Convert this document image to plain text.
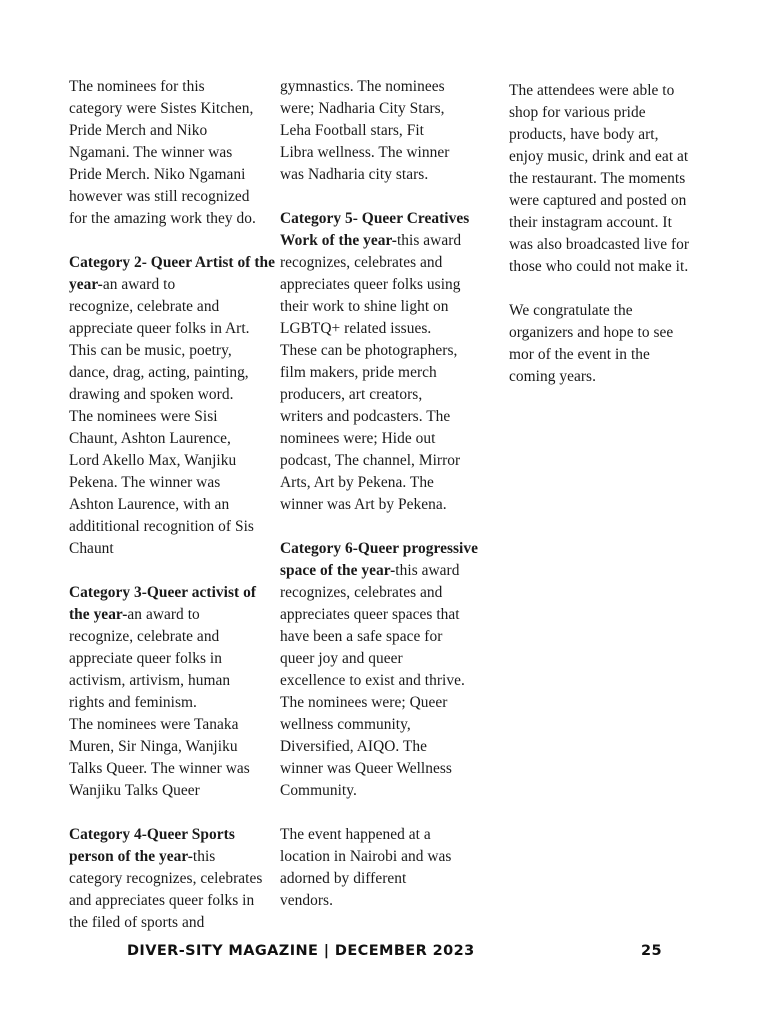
The nominees for this
category were Sistes Kitchen,
Pride Merch and Niko
Ngamani. The winner was
Pride Merch. Niko Ngamani
however was still recognized
for the amazing work they do.
Category 2- Queer Artist of the year-an award to
recognize, celebrate and
appreciate queer folks in Art.
This can be music, poetry,
dance, drag, acting, painting,
drawing and spoken word.
The nominees were Sisi
Chaunt, Ashton Laurence,
Lord Akello Max, Wanjiku
Pekena. The winner was
Ashton Laurence, with an
addititional recognition of Sis
Chaunt
Category 3-Queer activist of the year-an award to
recognize, celebrate and
appreciate queer folks in
activism, artivism, human
rights and feminism.
The nominees were Tanaka
Muren, Sir Ninga, Wanjiku
Talks Queer. The winner was
Wanjiku Talks Queer
Category 4-Queer Sports person of the year-this
category recognizes, celebrates
and appreciates queer folks in
the filed of sports and
gymnastics. The nominees
were; Nadharia City Stars,
Leha Football stars, Fit
Libra wellness. The winner
was Nadharia city stars.
Category 5- Queer Creatives Work of the year-this award
recognizes, celebrates and
appreciates queer folks using
their work to shine light on
LGBTQ+ related issues.
These can be photographers,
film makers, pride merch
producers, art creators,
writers and podcasters. The
nominees were; Hide out
podcast, The channel, Mirror
Arts, Art by Pekena. The
winner was Art by Pekena.
Category 6-Queer progressive space of the year-this award
recognizes, celebrates and
appreciates queer spaces that
have been a safe space for
queer joy and queer
excellence to exist and thrive.
The nominees were; Queer
wellness community,
Diversified, AIQO. The
winner was Queer Wellness
Community.
The event happened at a
location in Nairobi and was
adorned by different
vendors.
The attendees were able to
shop for various pride
products, have body art,
enjoy music, drink and eat at
the restaurant. The moments
were captured and posted on
their instagram account. It
was also broadcasted live for
those who could not make it.
We congratulate the
organizers and hope to see
mor of the event in the
coming years.
DIVER-SITY MAGAZINE | DECEMBER 2023	25
